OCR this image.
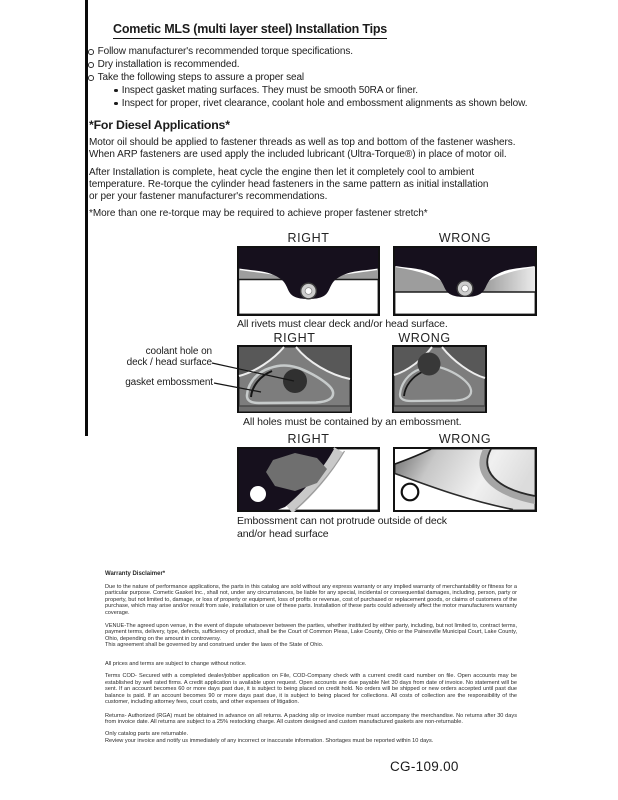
Cometic MLS (multi layer steel) Installation Tips
Follow manufacturer's recommended torque specifications.
Dry installation is recommended.
Take the following steps to assure a proper seal
Inspect gasket mating surfaces. They must be smooth 50RA or finer.
Inspect for proper, rivet clearance, coolant hole and embossment alignments as shown below.
*For Diesel Applications*

Motor oil should be applied to fastener threads as well as top and bottom of the fastener washers.
When ARP fasteners are used apply the included lubricant (Ultra-Torque®) in place of motor oil.

After Installation is complete, heat cycle the engine then let it completely cool to ambient
temperature. Re-torque the cylinder head fasteners in the same pattern as initial installation
or per your fastener manufacturer's recommendations.

*More than one re-torque may be required to achieve proper fastener stretch*

RIGHT	WRONG
All rivets must clear deck and/or head surface.
RIGHT	WRONG
coolant hole on
deck / head surface
gasket embossment
All holes must be contained by an embossment.
RIGHT	WRONG
Embossment can not protrude outside of deck
and/or head surface

Warranty Disclaimer*

Due to the nature of performance applications, the parts in this catalog are sold without any express warranty or any implied warranty of merchantability or fitness for a particular purpose. Cometic Gasket Inc., shall not, under any circumstances, be liable for any special, incidental or consequential damages, including, person, party or property, but not limited to, damage, or loss of property or equipment, loss of profits or revenue, cost of purchased or replacement goods, or claims of customers of the purchase, which may arise and/or result from sale, installation or use of these parts. Installation of these parts could adversely affect the motor manufacturers warranty coverage.

VENUE-The agreed upon venue, in the event of dispute whatsoever between the parties, whether instituted by either party, including, but not limited to, contract terms, payment terms, delivery, type, defects, sufficiency of product, shall be the Court of Common Pleas, Lake County, Ohio or the Painesville Municipal Court, Lake County, Ohio, depending on the amount in controversy.
This agreement shall be governed by and construed under the laws of the State of Ohio.

All prices and terms are subject to change without notice.

Terms COD- Secured with a completed dealer/jobber application on File, COD-Company check with a current credit card number on file. Open accounts may be established by well rated firms. A credit application is available upon request. Open accounts are due payable Net 30 days from date of invoice. No statement will be sent. If an account becomes 60 or more days past due, it is subject to being placed on credit hold. No orders will be shipped or new orders accepted until past due balance is paid. If an account becomes 90 or more days past due, it is subject to being placed for collections. All costs of collection are the responsibility of the customer, including attorney fees, court costs, and other expenses of litigation.

Returns- Authorized (RGA) must be obtained in advance on all returns. A packing slip or invoice number must accompany the merchandise. No returns after 30 days from invoice date. All returns are subject to a 25% restocking charge. All custom designed and custom manufactured gaskets are non-returnable.

Only catalog parts are returnable.
Review your invoice and notify us immediately of any incorrect or inaccurate information. Shortages must be reported within 10 days.

CG-109.00
